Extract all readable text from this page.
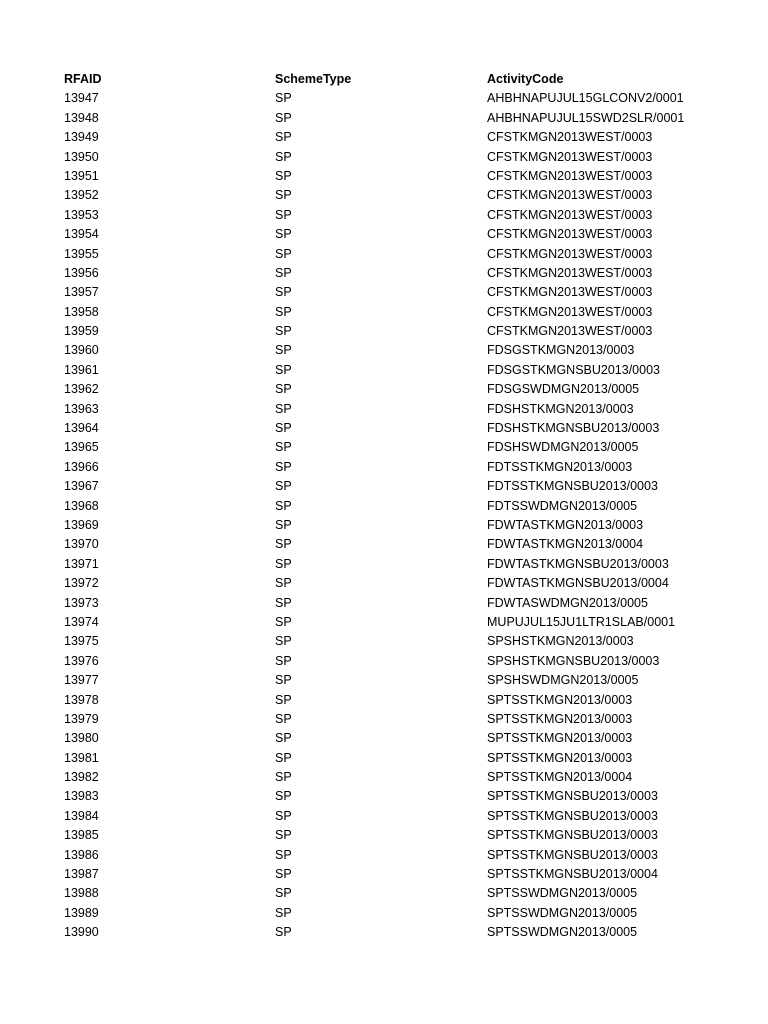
RFAID	SchemeType	ActivityCode
13947	SP	AHBHNAPUJUL15GLCONV2/0001
13948	SP	AHBHNAPUJUL15SWD2SLR/0001
13949	SP	CFSTKMGN2013WEST/0003
13950	SP	CFSTKMGN2013WEST/0003
13951	SP	CFSTKMGN2013WEST/0003
13952	SP	CFSTKMGN2013WEST/0003
13953	SP	CFSTKMGN2013WEST/0003
13954	SP	CFSTKMGN2013WEST/0003
13955	SP	CFSTKMGN2013WEST/0003
13956	SP	CFSTKMGN2013WEST/0003
13957	SP	CFSTKMGN2013WEST/0003
13958	SP	CFSTKMGN2013WEST/0003
13959	SP	CFSTKMGN2013WEST/0003
13960	SP	FDSGSTKMGN2013/0003
13961	SP	FDSGSTKMGNSBU2013/0003
13962	SP	FDSGSWDMGN2013/0005
13963	SP	FDSHSTKMGN2013/0003
13964	SP	FDSHSTKMGNSBU2013/0003
13965	SP	FDSHSWDMGN2013/0005
13966	SP	FDTSSTKMGN2013/0003
13967	SP	FDTSSTKMGNSBU2013/0003
13968	SP	FDTSSWDMGN2013/0005
13969	SP	FDWTASTKMGN2013/0003
13970	SP	FDWTASTKMGN2013/0004
13971	SP	FDWTASTKMGNSBU2013/0003
13972	SP	FDWTASTKMGNSBU2013/0004
13973	SP	FDWTASWDMGN2013/0005
13974	SP	MUPUJUL15JU1LTR1SLAB/0001
13975	SP	SPSHSTKMGN2013/0003
13976	SP	SPSHSTKMGNSBU2013/0003
13977	SP	SPSHSWDMGN2013/0005
13978	SP	SPTSSTKMGN2013/0003
13979	SP	SPTSSTKMGN2013/0003
13980	SP	SPTSSTKMGN2013/0003
13981	SP	SPTSSTKMGN2013/0003
13982	SP	SPTSSTKMGN2013/0004
13983	SP	SPTSSTKMGNSBU2013/0003
13984	SP	SPTSSTKMGNSBU2013/0003
13985	SP	SPTSSTKMGNSBU2013/0003
13986	SP	SPTSSTKMGNSBU2013/0003
13987	SP	SPTSSTKMGNSBU2013/0004
13988	SP	SPTSSWDMGN2013/0005
13989	SP	SPTSSWDMGN2013/0005
13990	SP	SPTSSWDMGN2013/0005
